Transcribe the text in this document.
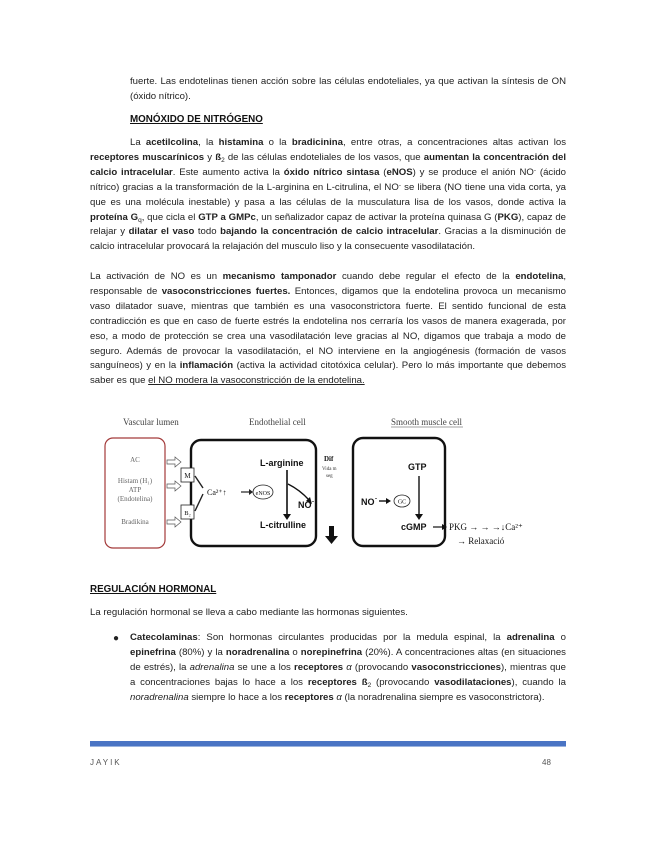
fuerte. Las endotelinas tienen acción sobre las células endoteliales, ya que activan la síntesis de ON (óxido nítrico).

MONÓXIDO DE NITRÓGENO

La acetilcolina, la histamina o la bradicinina, entre otras, a concentraciones altas activan los receptores muscarínicos y $ß_2$ de las células endoteliales de los vasos, que aumentan la concentración del calcio intracelular. Este aumento activa la óxido nítrico sintasa (eNOS) y se produce el anión NO- (ácido nítrico) gracias a la transformación de la L-arginina en L-citrulina, el NO- se libera (NO tiene una vida corta, ya que es una molécula inestable) y pasa a las células de la musculatura lisa de los vasos, donde activa la proteína $G_q$, que cicla el GTP a GMPc, un señalizador capaz de activar la proteína quinasa G (PKG), capaz de relajar y dilatar el vaso todo bajando la concentración de calcio intracelular. Gracias a la disminución de calcio intracelular provocará la relajación del musculo liso y la consecuente vasodilatación.

La activación de NO es un mecanismo tamponador cuando debe regular el efecto de la endotelina, responsable de vasoconstricciones fuertes. Entonces, digamos que la endotelina provoca un mecanismo vaso dilatador suave, mientras que también es una vasoconstrictora fuerte. El sentido funcional de esta contradicción es que en caso de fuerte estrés la endotelina nos cerraría los vasos de manera exagerada, por eso, a modo de protección se crea una vasodilatación leve gracias al NO, digamos que trabaja a modo de seguro. Además de provocar la vasodilatación, el NO interviene en la angiogénesis (formación de vasos sanguíneos) y en la inflamación (activa la actividad citotóxica celular). Pero lo más importante que debemos saber es que el NO modera la vasoconstricción de la endotelina.

Vascular lumen	Endothelial cell	Smooth muscle cell
AC
Histam (H₁)
ATP
(Endotelina)
Bradikina
M
B₂
Ca²⁺↑	eNOS
L-arginine
L-citrulline
NO˙
Dif
Vida m
seg
NO˙	GC
GTP
cGMP PKG → → →↓Ca²⁺
→ Relaxació
REGULACIÓN HORMONAL

La regulación hormonal se lleva a cabo mediante las hormonas siguientes.

● Catecolaminas: Son hormonas circulantes producidas por la medula espinal, la adrenalina o epinefrina (80%) y la noradrenalina o norepinefrina (20%). A concentraciones altas (en situaciones de estrés), la adrenalina se une a los receptores α (provocando vasoconstricciones), mientras que a concentraciones bajas lo hace a los receptores $ß_2$ (provocando vasodilataciones), cuando la noradrenalina siempre lo hace a los receptores α (la noradrenalina siempre es vasoconstrictora).

JAYIK	48
